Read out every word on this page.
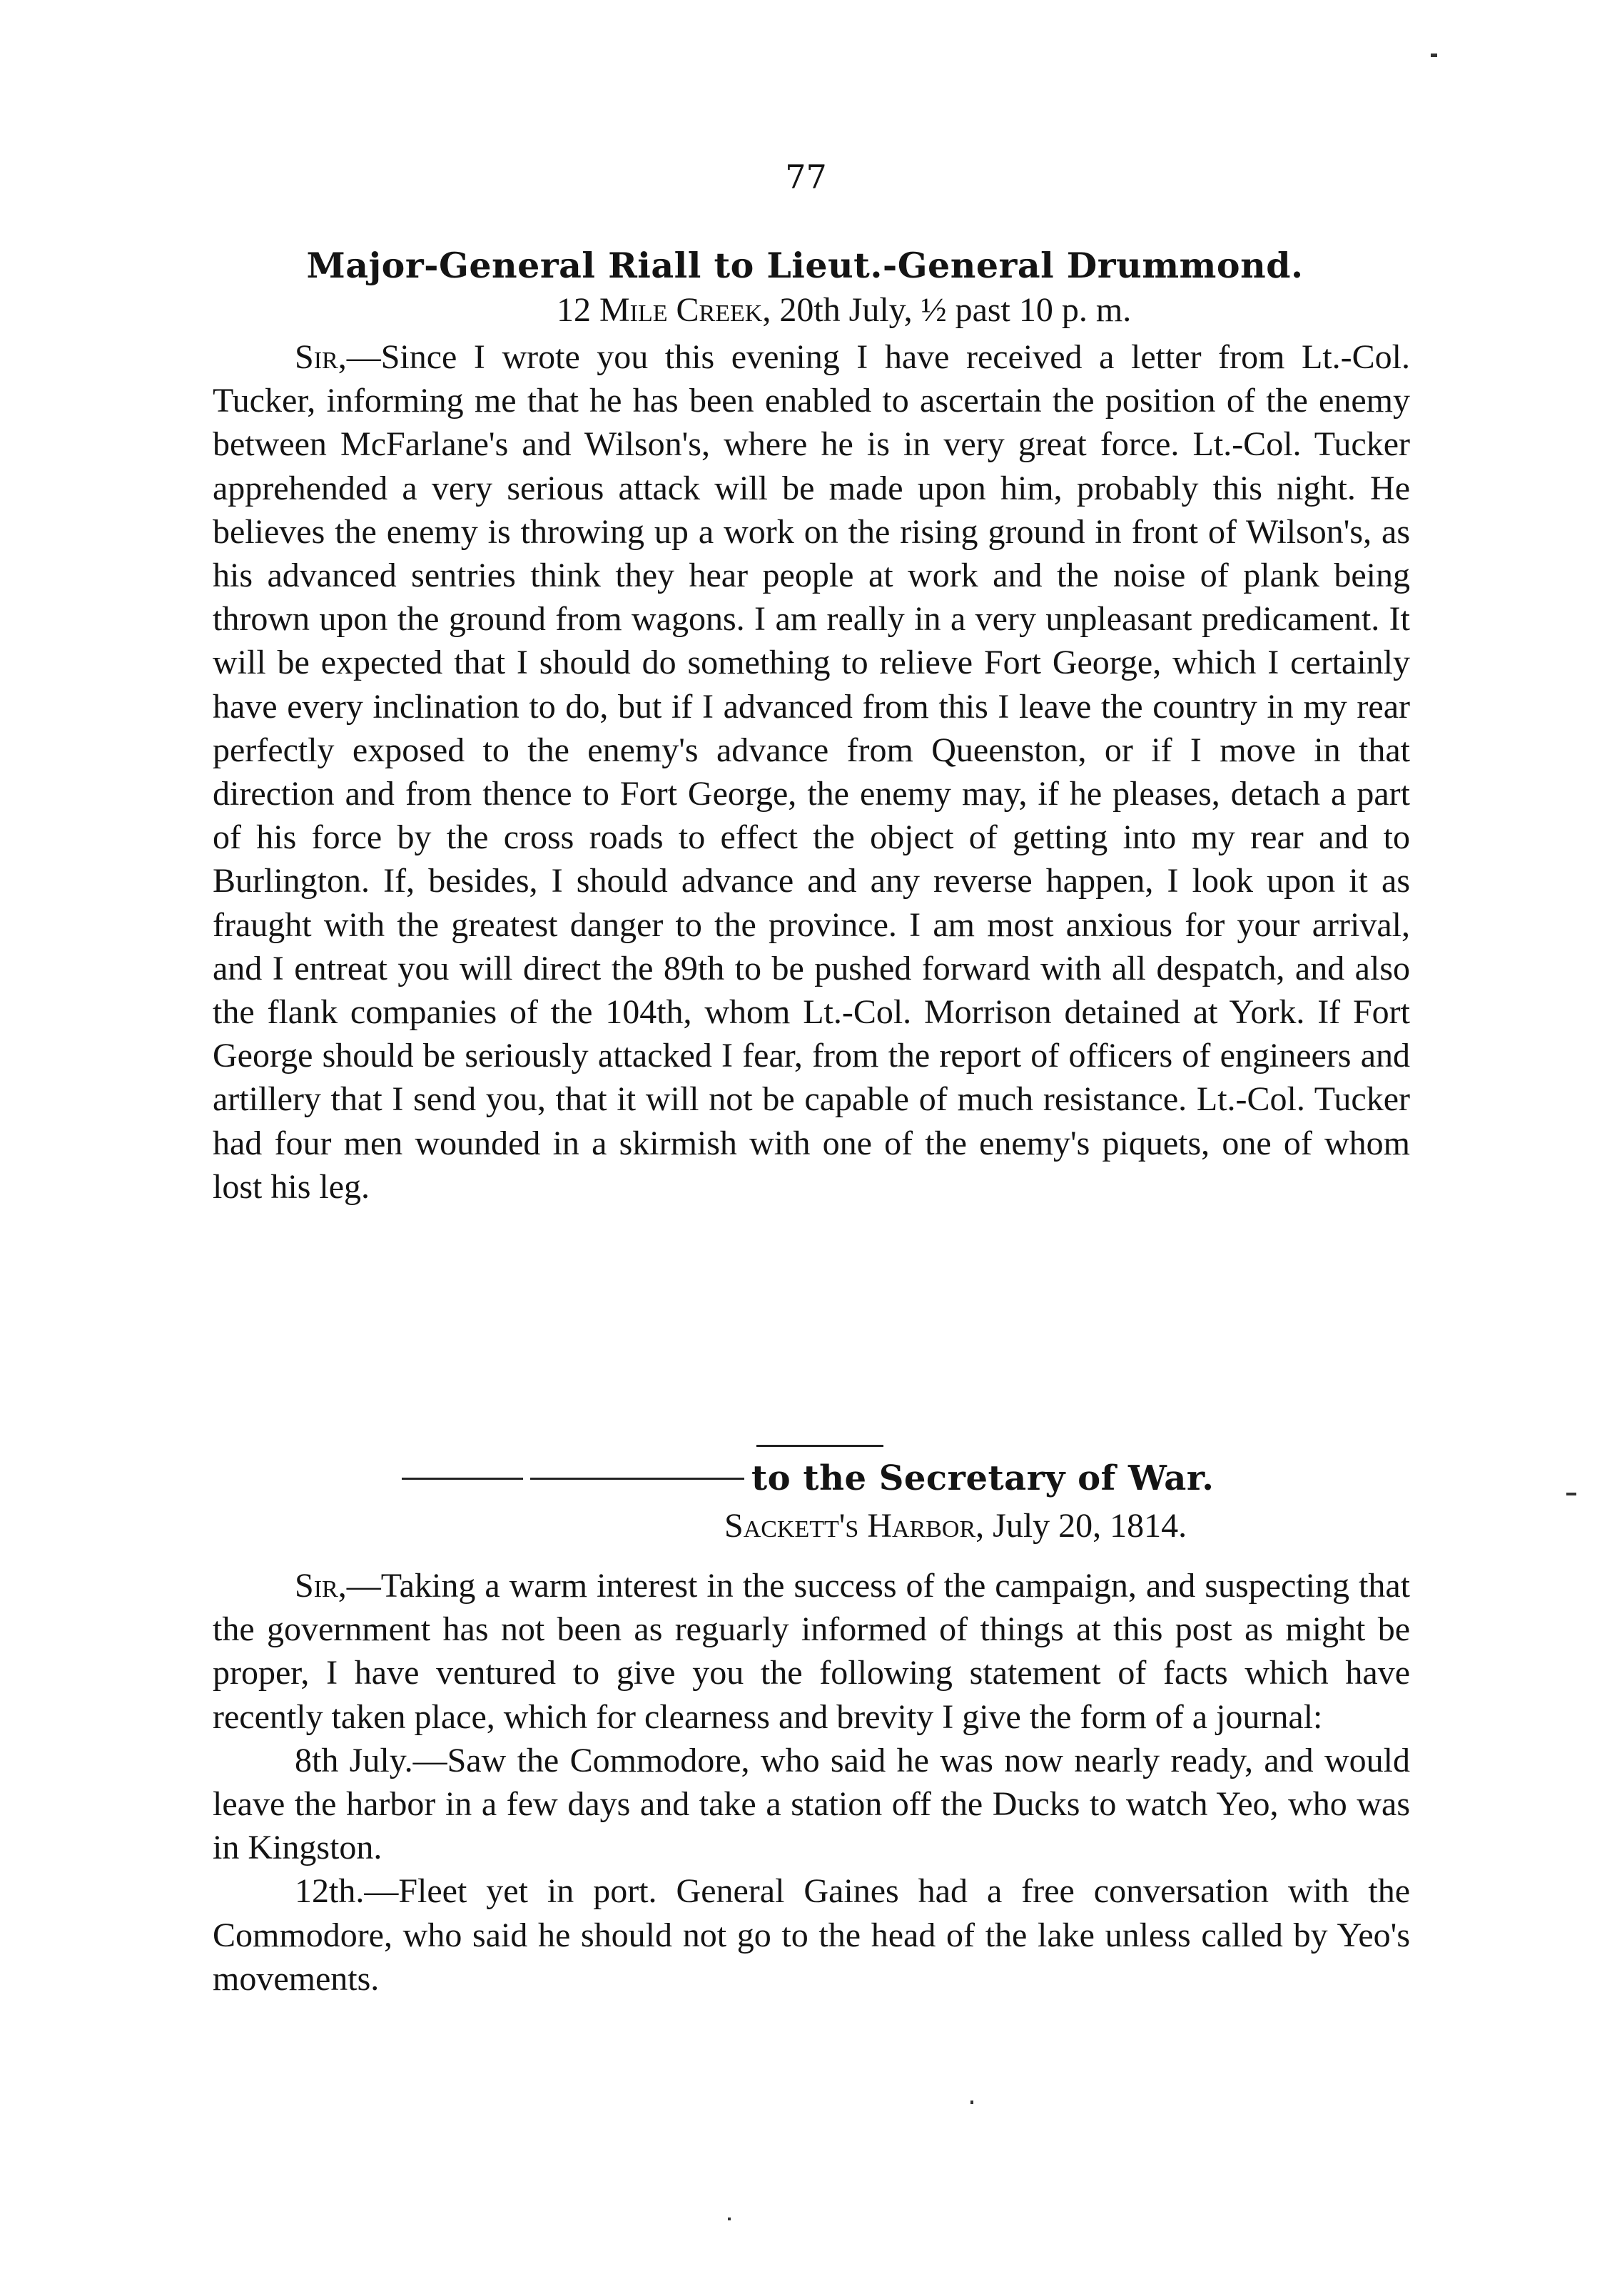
77
Major-General Riall to Lieut.-General Drummond.
12 Mile Creek, 20th July, ½ past 10 p. m.

Sir,—Since I wrote you this evening I have received a letter from Lt.-Col. Tucker, informing me that he has been enabled to ascertain the position of the enemy between McFarlane's and Wilson's, where he is in very great force. Lt.-Col. Tucker apprehended a very serious attack will be made upon him, probably this night. He believes the enemy is throwing up a work on the rising ground in front of Wilson's, as his advanced sentries think they hear people at work and the noise of plank being thrown upon the ground from wagons. I am really in a very unpleasant predicament. It will be expected that I should do something to relieve Fort George, which I certainly have every inclination to do, but if I advanced from this I leave the country in my rear perfectly exposed to the enemy's advance from Queenston, or if I move in that direction and from thence to Fort George, the enemy may, if he pleases, detach a part of his force by the cross roads to effect the object of getting into my rear and to Burlington. If, besides, I should advance and any reverse happen, I look upon it as fraught with the greatest danger to the province. I am most anxious for your arrival, and I entreat you will direct the 89th to be pushed forward with all despatch, and also the flank companies of the 104th, whom Lt.-Col. Morrison detained at York. If Fort George should be seriously attacked I fear, from the report of officers of engineers and artillery that I send you, that it will not be capable of much resistance. Lt.-Col. Tucker had four men wounded in a skirmish with one of the enemy's piquets, one of whom lost his leg.

to the Secretary of War.
Sackett's Harbor, July 20, 1814.

Sir,—Taking a warm interest in the success of the campaign, and suspecting that the government has not been as reguarly informed of things at this post as might be proper, I have ventured to give you the following statement of facts which have recently taken place, which for clearness and brevity I give the form of a journal:

8th July.—Saw the Commodore, who said he was now nearly ready, and would leave the harbor in a few days and take a station off the Ducks to watch Yeo, who was in Kingston.

12th.—Fleet yet in port. General Gaines had a free conversation with the Commodore, who said he should not go to the head of the lake unless called by Yeo's movements.
